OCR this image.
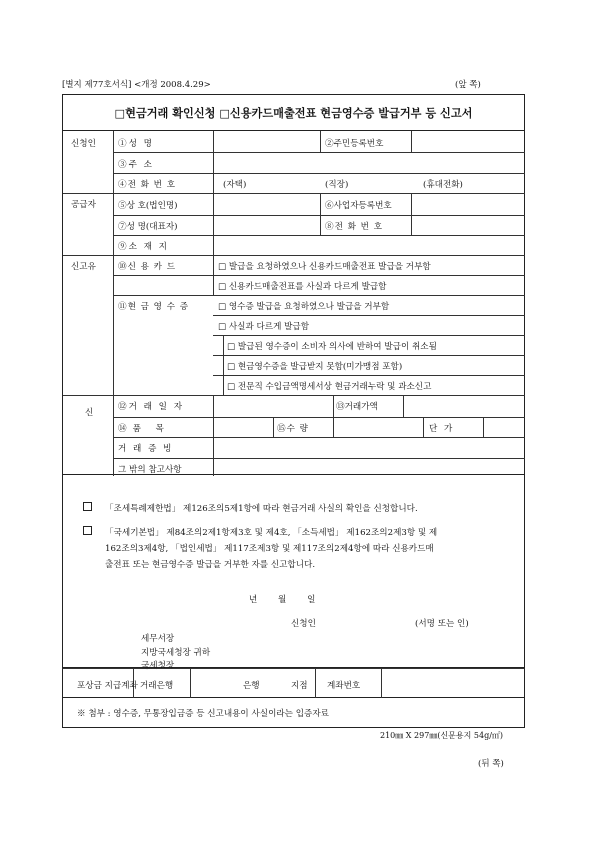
[별지 제77호서식] <개정 2008.4.29>	(앞 쪽)
□현금거래 확인신청 □신용카드매출전표 현금영수증 발급거부 등 신고서
신청인	①성 명	②주민등록번호
③주 소
④전 화 번 호	(자택)	(직장)	(휴대전화)
공급자	⑤상 호(법인명)	⑥사업자등록번호
⑦성 명(대표자)	⑧전 화 번 호
⑨소 재 지
신고유	⑩신 용 카 드	□ 발급을 요청하였으나 신용카드매출전표 발급을 거부함
□ 신용카드매출전표를 사실과 다르게 발급함
⑪현 금 영 수 증	□ 영수증 발급을 요청하였으나 발급을 거부함
□ 사실과 다르게 발급함
□ 발급된 영수증이 소비자 의사에 반하여 발급이 취소됨
□ 현금영수증을 발급받지 못함(미가맹점 포함)
□ 전문직 수입금액명세서상 현금거래누락 및 과소신고
신
⑫거 래 일 자	⑬거래가액
⑭품 목	⑮수 량	단 가
거 래 증 빙
그 밖의 참고사항
「조세특례제한법」 제126조의5제1항에 따라 현금거래 사실의 확인을 신청합니다.
「국세기본법」 제84조의2제1항제3호 및 제4호, 「소득세법」 제162조의2제3항 및 제
162조의3제4항, 「법인세법」 제117조제3항 및 제117조의2제4항에 따라 신용카드매
출전표 또는 현금영수증 발급을 거부한 자를 신고합니다.
년 월 일
신청인	(서명 또는 인)
세무서장
지방국세청장 귀하
국세청장
포상금 지급계좌 거래은행	은행	지점 계좌번호
※ 첨부 : 영수증, 무통장입금증 등 신고내용이 사실이라는 입증자료
210㎜ X 297㎜(신문용지 54g/㎡)
(뒤 쪽)
